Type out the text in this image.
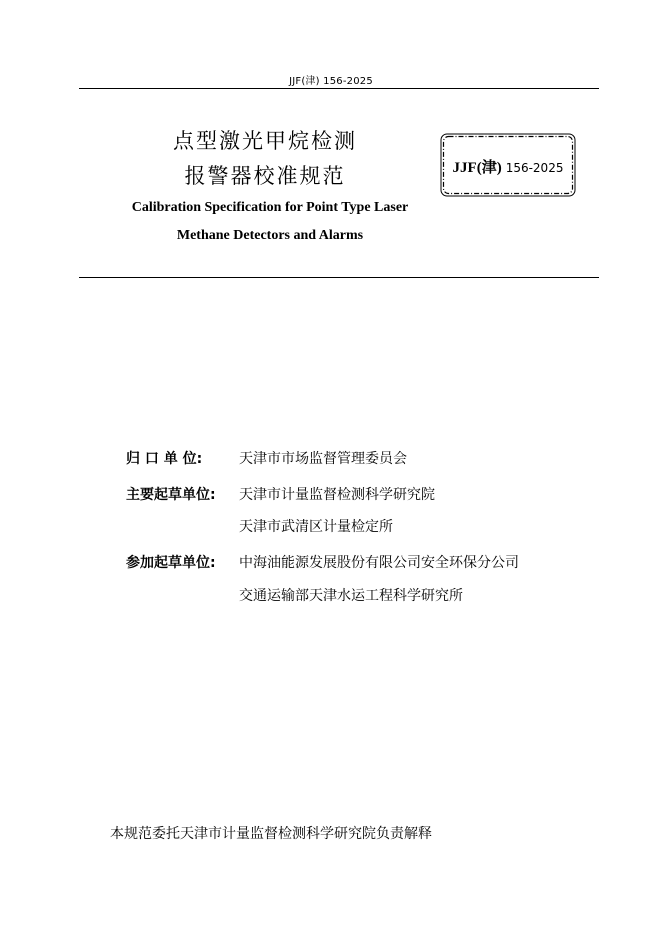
JJF(津) 156-2025
点型激光甲烷检测
报警器校准规范
Calibration Specification for Point Type Laser
Methane Detectors and Alarms
JJF(津) 156-2025
归 口 单 位:	天津市市场监督管理委员会
主要起草单位: 天津市计量监督检测科学研究院
天津市武清区计量检定所
参加起草单位: 中海油能源发展股份有限公司安全环保分公司
交通运输部天津水运工程科学研究所
本规范委托天津市计量监督检测科学研究院负责解释
